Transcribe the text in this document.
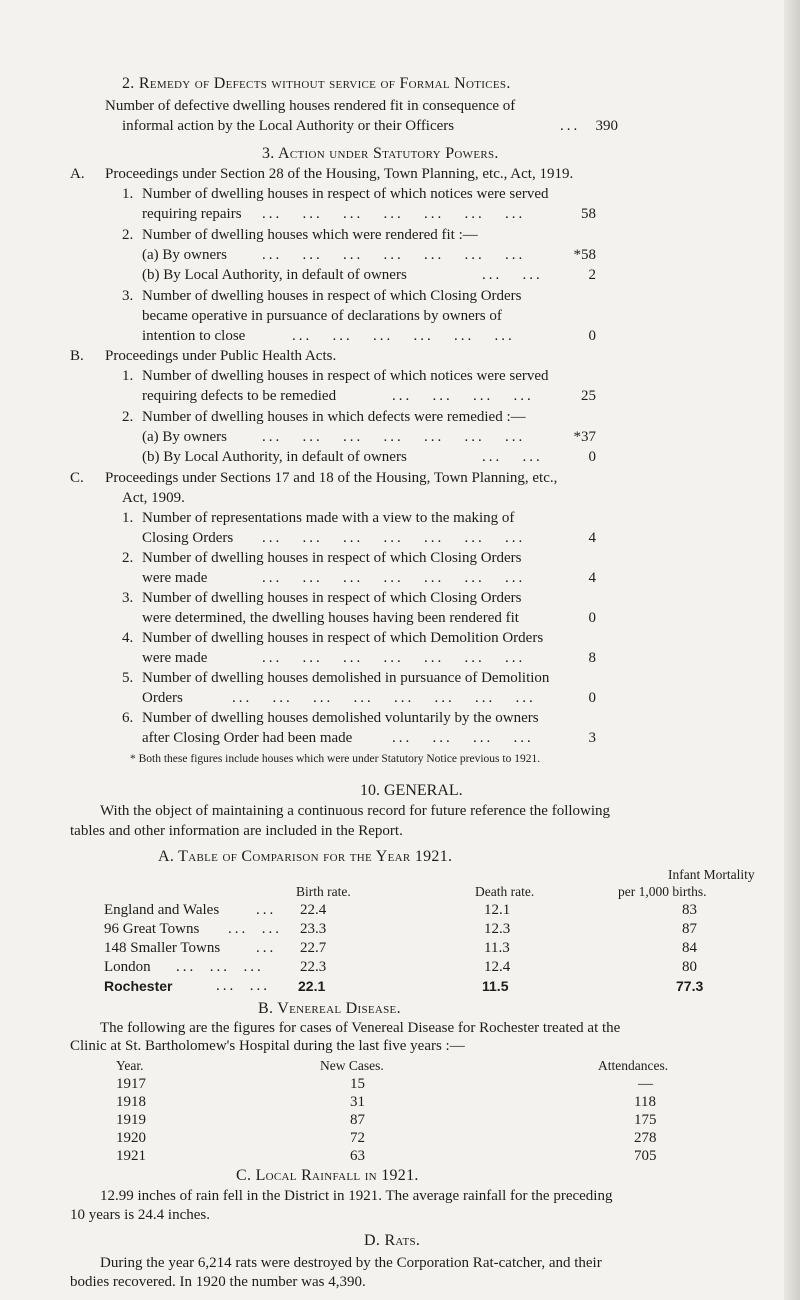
2. Remedy of Defects without service of Formal Notices.
Number of defective dwelling houses rendered fit in consequence of
informal action by the Local Authority or their Officers	...	390
3. Action under Statutory Powers.
A. Proceedings under Section 28 of the Housing, Town Planning, etc., Act, 1919.
1. Number of dwelling houses in respect of which notices were served
requiring repairs ...   ...   ...   ...   ...   ...   ...	58
2. Number of dwelling houses which were rendered fit :—
(a) By owners ...   ...   ...   ...   ...   ...   ...	*58
(b) By Local Authority, in default of owners	...   ...	2
3. Number of dwelling houses in respect of which Closing Orders
became operative in pursuance of declarations by owners of
intention to close	...   ...   ...   ...   ...   ...	0
B. Proceedings under Public Health Acts.
1. Number of dwelling houses in respect of which notices were served
requiring defects to be remedied	...   ...   ...   ...	25
2. Number of dwelling houses in which defects were remedied :—
(a) By owners ...   ...   ...   ...   ...   ...   ...	*37
(b) By Local Authority, in default of owners	...   ...	0
C. Proceedings under Sections 17 and 18 of the Housing, Town Planning, etc.,
Act, 1909.
1. Number of representations made with a view to the making of
Closing Orders ...   ...   ...   ...   ...   ...   ...	4
2. Number of dwelling houses in respect of which Closing Orders
were made	...   ...   ...   ...   ...   ...   ...	4
3. Number of dwelling houses in respect of which Closing Orders
were determined, the dwelling houses having been rendered fit	0
4. Number of dwelling houses in respect of which Demolition Orders
were made	...   ...   ...   ...   ...   ...   ...	8
5. Number of dwelling houses demolished in pursuance of Demolition
Orders	...   ...   ...   ...   ...   ...   ...   ...	0
6. Number of dwelling houses demolished voluntarily by the owners
after Closing Order had been made	...   ...   ...   ...	3
* Both these figures include houses which were under Statutory Notice previous to 1921.
10. GENERAL.
With the object of maintaining a continuous record for future reference the following
tables and other information are included in the Report.
A. Table of Comparison for the Year 1921.
Infant Mortality
Birth rate.	Death rate.	per 1,000 births.
England and Wales ... 22.4	12.1	83
96 Great Towns ...  ... 23.3	12.3	87
148 Smaller Towns ... 22.7	11.3	84
London ...  ...  ... 22.3	12.4	80
Rochester	...  ... 22.1	11.5	77.3
B. Venereal Disease.
The following are the figures for cases of Venereal Disease for Rochester treated at the
Clinic at St. Bartholomew's Hospital during the last five years :—
Year.	New Cases.	Attendances.
1917	15	—
1918	31	118
1919	87	175
1920	72	278
1921	63	705
C. Local Rainfall in 1921.
12.99 inches of rain fell in the District in 1921. The average rainfall for the preceding
10 years is 24.4 inches.
D. Rats.
During the year 6,214 rats were destroyed by the Corporation Rat-catcher, and their
bodies recovered. In 1920 the number was 4,390.
